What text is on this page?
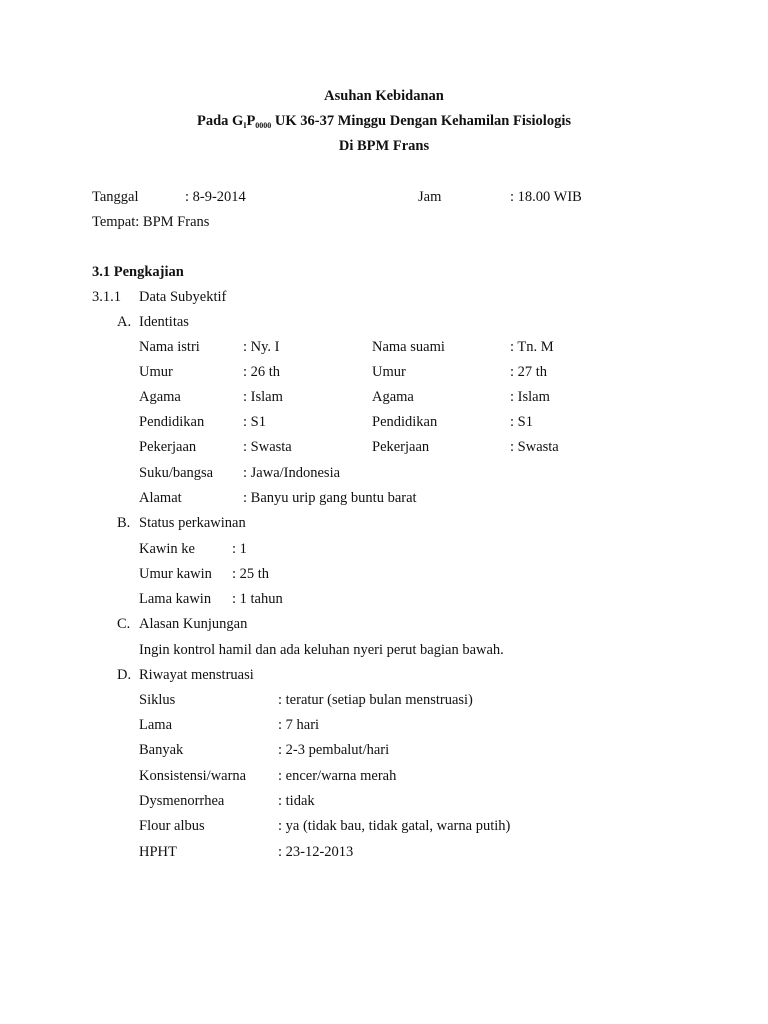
Asuhan Kebidanan
Pada $G_IP_{0000}$ UK 36-37 Minggu Dengan Kehamilan Fisiologis
Di BPM Frans
Tanggal	: 8-9-2014	Jam	: 18.00 WIB
Tempat: BPM Frans
3.1 Pengkajian
3.1.1 Data Subyektif
A. Identitas
Nama istri	: Ny. I	Nama suami	: Tn. M
Umur	: 26 th	Umur	: 27 th
Agama	: Islam	Agama	: Islam
Pendidikan	: S1	Pendidikan	: S1
Pekerjaan	: Swasta	Pekerjaan	: Swasta
Suku/bangsa : Jawa/Indonesia
Alamat	: Banyu urip gang buntu barat
B. Status perkawinan
Kawin ke	: 1
Umur kawin : 25 th
Lama kawin : 1 tahun
C. Alasan Kunjungan
Ingin kontrol hamil dan ada keluhan nyeri perut bagian bawah.
D. Riwayat menstruasi
Siklus	: teratur (setiap bulan menstruasi)
Lama	: 7 hari
Banyak	: 2-3 pembalut/hari
Konsistensi/warna : encer/warna merah
Dysmenorrhea	: tidak
Flour albus	: ya (tidak bau, tidak gatal, warna putih)
HPHT	: 23-12-2013
